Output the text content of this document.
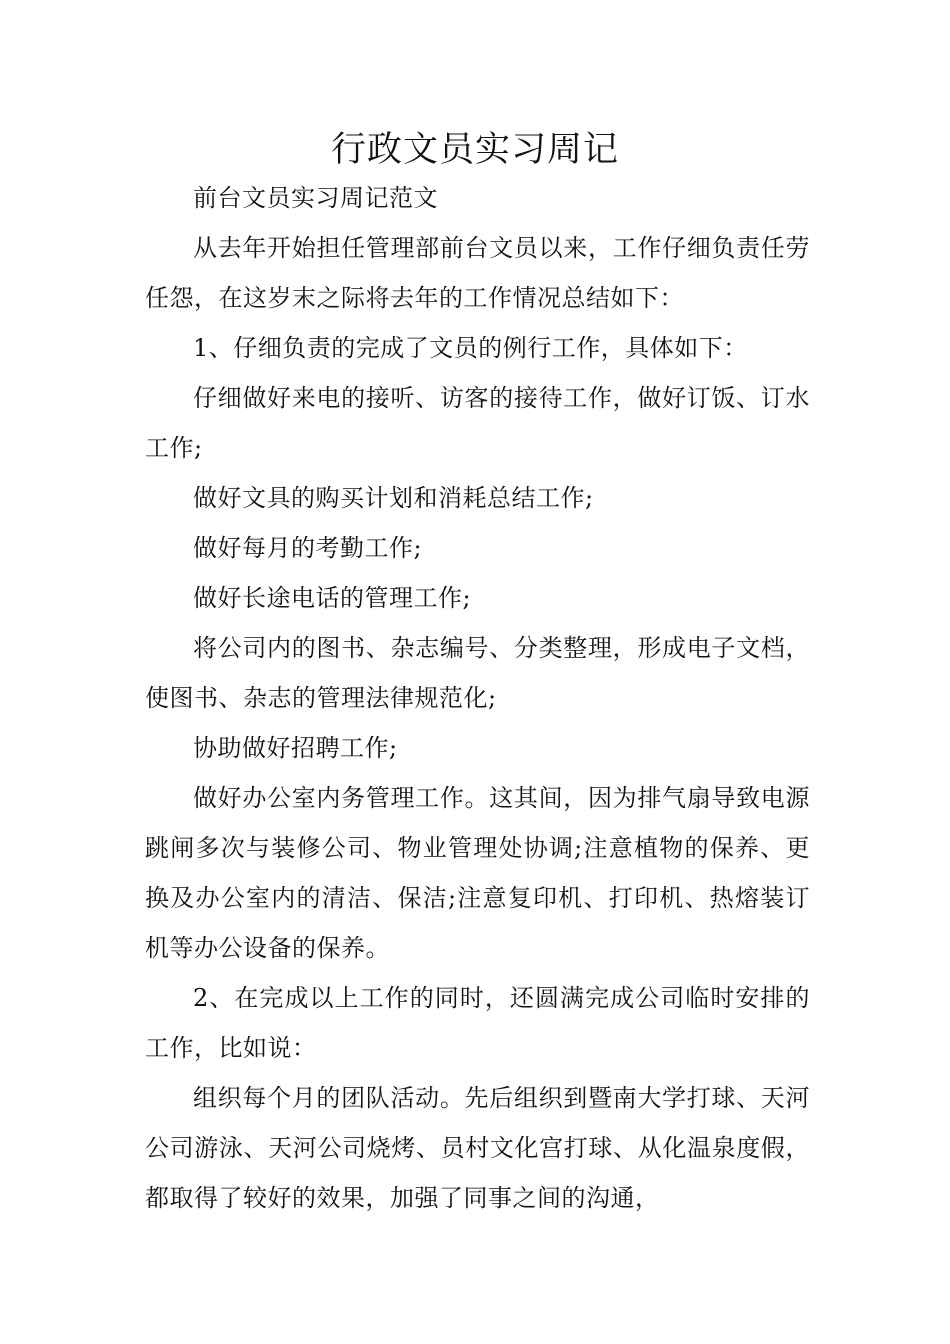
行政文员实习周记

前台文员实习周记范文

从去年开始担任管理部前台文员以来，工作仔细负责任劳任怨，在这岁末之际将去年的工作情况总结如下：

1、仔细负责的完成了文员的例行工作，具体如下：

仔细做好来电的接听、访客的接待工作，做好订饭、订水工作;

做好文具的购买计划和消耗总结工作;

做好每月的考勤工作;

做好长途电话的管理工作;

将公司内的图书、杂志编号、分类整理，形成电子文档，使图书、杂志的管理法律规范化;

协助做好招聘工作;

做好办公室内务管理工作。这其间，因为排气扇导致电源跳闸多次与装修公司、物业管理处协调;注意植物的保养、更换及办公室内的清洁、保洁;注意复印机、打印机、热熔装订机等办公设备的保养。

2、在完成以上工作的同时，还圆满完成公司临时安排的工作，比如说：

组织每个月的团队活动。先后组织到暨南大学打球、天河公司游泳、天河公司烧烤、员村文化宫打球、从化温泉度假，都取得了较好的效果，加强了同事之间的沟通，
